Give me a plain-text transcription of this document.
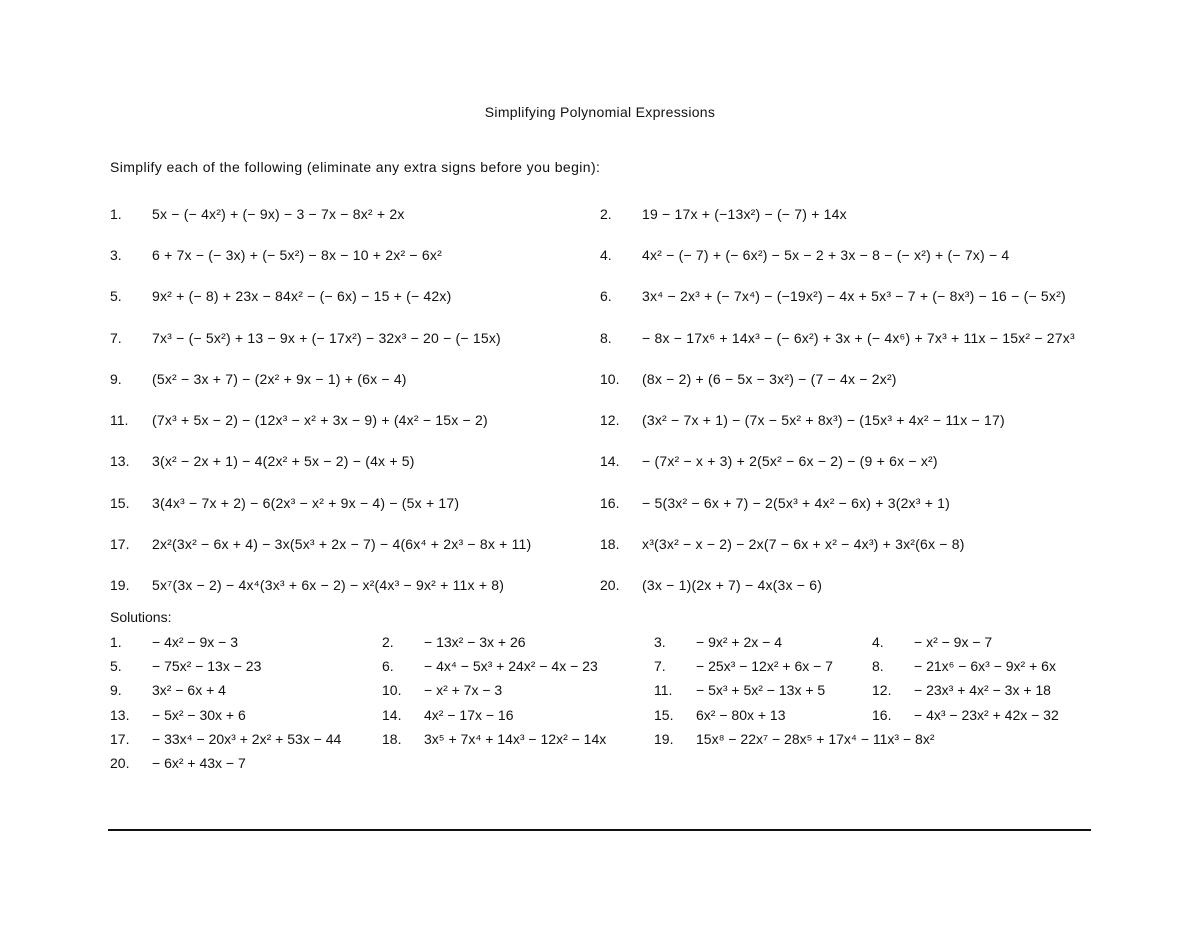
Simplifying Polynomial Expressions
Simplify each of the following (eliminate any extra signs before you begin):
1.	5x − (− 4x²) + (− 9x) − 3 − 7x − 8x² + 2x	2.	19 − 17x + (−13x²) − (− 7) + 14x
3.	6 + 7x − (− 3x) + (− 5x²) − 8x − 10 + 2x² − 6x²	4.	4x² − (− 7) + (− 6x²) − 5x − 2 + 3x − 8 − (− x²) + (− 7x) − 4
5.	9x² + (− 8) + 23x − 84x² − (− 6x) − 15 + (− 42x)	6.	3x⁴ − 2x³ + (− 7x⁴) − (−19x²) − 4x + 5x³ − 7 + (− 8x³) − 16 − (− 5x²)
7.	7x³ − (− 5x²) + 13 − 9x + (− 17x²) − 32x³ − 20 − (− 15x)	8.	− 8x − 17x⁶ + 14x³ − (− 6x²) + 3x + (− 4x⁶) + 7x³ + 11x − 15x² − 27x³
9.	(5x² − 3x + 7) − (2x² + 9x − 1) + (6x − 4)	10.	(8x − 2) + (6 − 5x − 3x²) − (7 − 4x − 2x²)
11.	(7x³ + 5x − 2) − (12x³ − x² + 3x − 9) + (4x² − 15x − 2)	12.	(3x² − 7x + 1) − (7x − 5x² + 8x³) − (15x³ + 4x² − 11x − 17)
13.	3(x² − 2x + 1) − 4(2x² + 5x − 2) − (4x + 5)	14.	− (7x² − x + 3) + 2(5x² − 6x − 2) − (9 + 6x − x²)
15.	3(4x³ − 7x + 2) − 6(2x³ − x² + 9x − 4) − (5x + 17)	16.	− 5(3x² − 6x + 7) − 2(5x³ + 4x² − 6x) + 3(2x³ + 1)
17.	2x²(3x² − 6x + 4) − 3x(5x³ + 2x − 7) − 4(6x⁴ + 2x³ − 8x + 11)	18.	x³(3x² − x − 2) − 2x(7 − 6x + x² − 4x³) + 3x²(6x − 8)
19.	5x⁷(3x − 2) − 4x⁴(3x³ + 6x − 2) − x²(4x³ − 9x² + 11x + 8)	20.	(3x − 1)(2x + 7) − 4x(3x − 6)
Solutions:
1.	− 4x² − 9x − 3	2.	− 13x² − 3x + 26	3.	− 9x² + 2x − 4	4.	− x² − 9x − 7
5.	− 75x² − 13x − 23	6.	− 4x⁴ − 5x³ + 24x² − 4x − 23	7.	− 25x³ − 12x² + 6x − 7	8.	− 21x⁶ − 6x³ − 9x² + 6x
9.	3x² − 6x + 4	10.	− x² + 7x − 3	11.	− 5x³ + 5x² − 13x + 5	12.	− 23x³ + 4x² − 3x + 18
13.	− 5x² − 30x + 6	14.	4x² − 17x − 16	15.	6x² − 80x + 13	16.	− 4x³ − 23x² + 42x − 32
17.	− 33x⁴ − 20x³ + 2x² + 53x − 44	18.	3x⁵ + 7x⁴ + 14x³ − 12x² − 14x	19.	15x⁸ − 22x⁷ − 28x⁵ + 17x⁴ − 11x³ − 8x²
20.	− 6x² + 43x − 7
